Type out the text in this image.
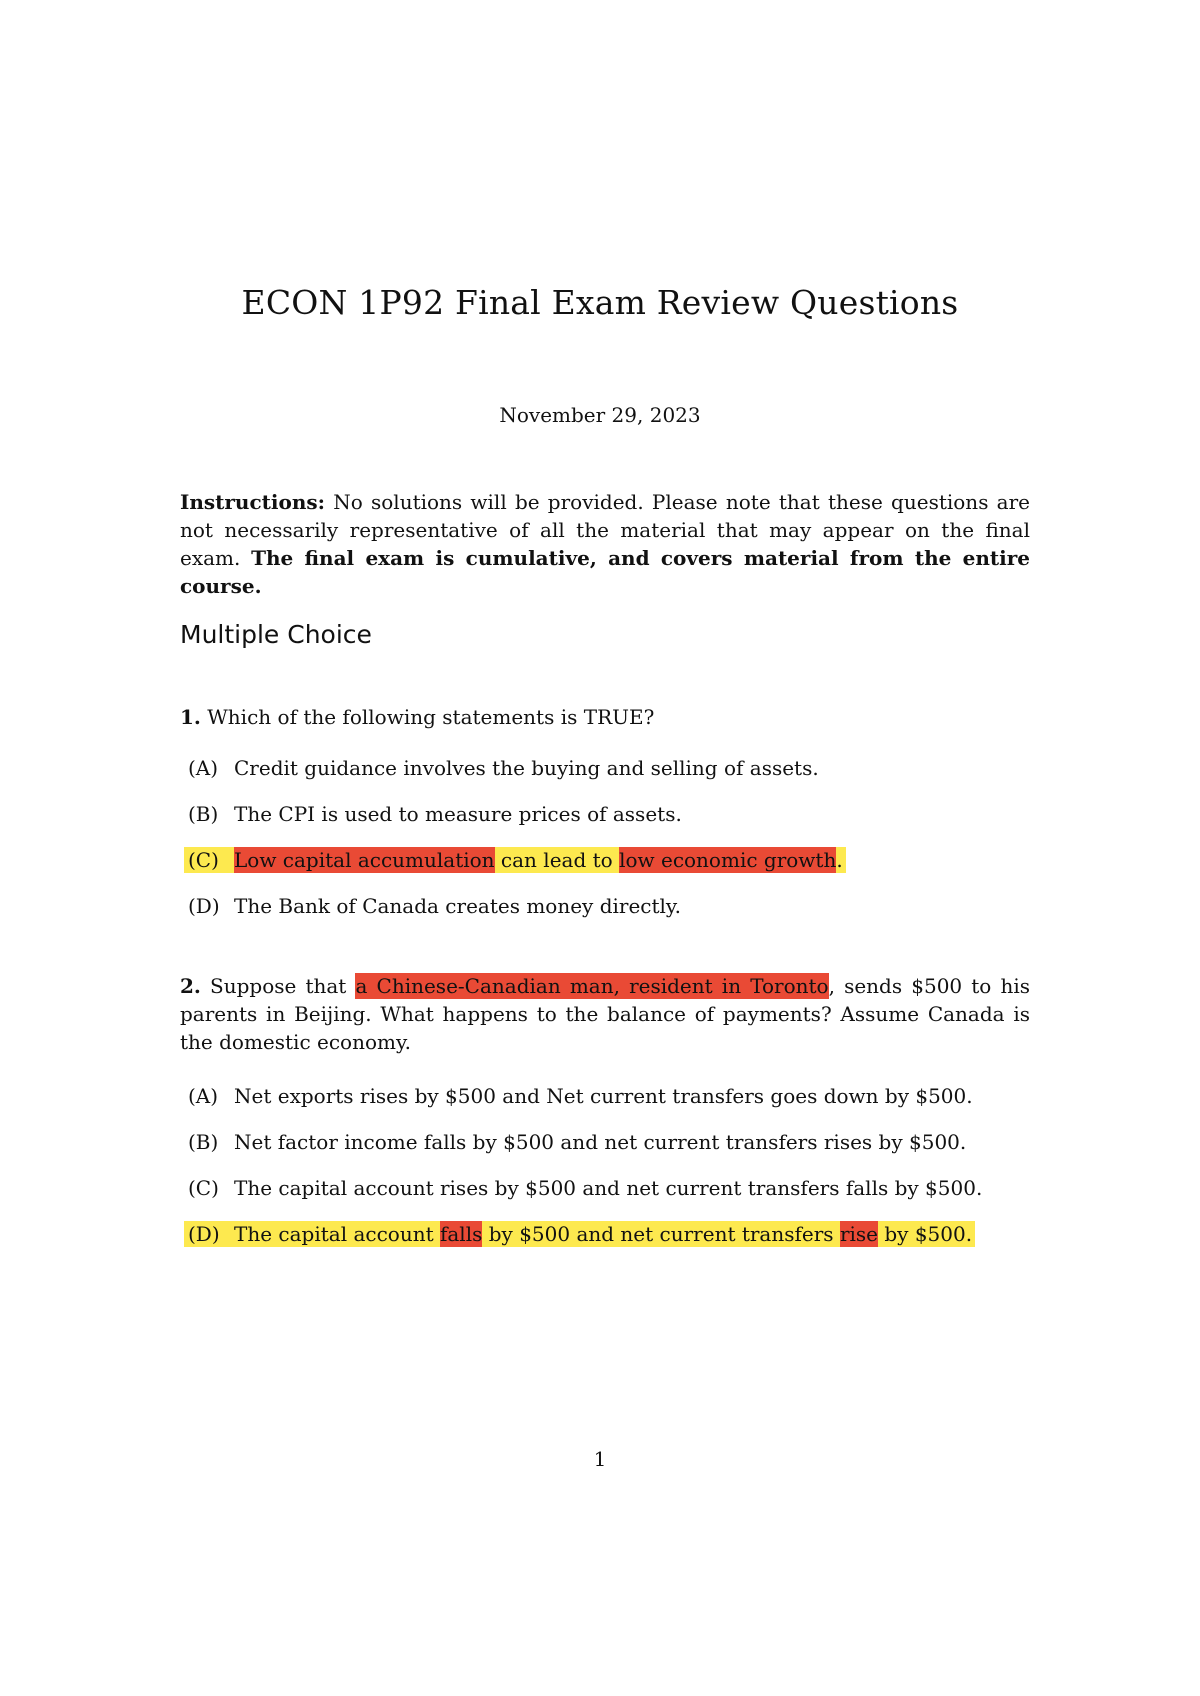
ECON 1P92 Final Exam Review Questions
November 29, 2023
Instructions: No solutions will be provided. Please note that these questions are not necessarily representative of all the material that may appear on the final exam. The final exam is cumulative, and covers material from the entire course.
Multiple Choice
1. Which of the following statements is TRUE?
(A) Credit guidance involves the buying and selling of assets.
(B) The CPI is used to measure prices of assets.
(C) Low capital accumulation can lead to low economic growth.
(D) The Bank of Canada creates money directly.
2. Suppose that a Chinese-Canadian man, resident in Toronto, sends $500 to his parents in Beijing. What happens to the balance of payments? Assume Canada is the domestic economy.
(A) Net exports rises by $500 and Net current transfers goes down by $500.
(B) Net factor income falls by $500 and net current transfers rises by $500.
(C) The capital account rises by $500 and net current transfers falls by $500.
(D) The capital account falls by $500 and net current transfers rise by $500.
1
